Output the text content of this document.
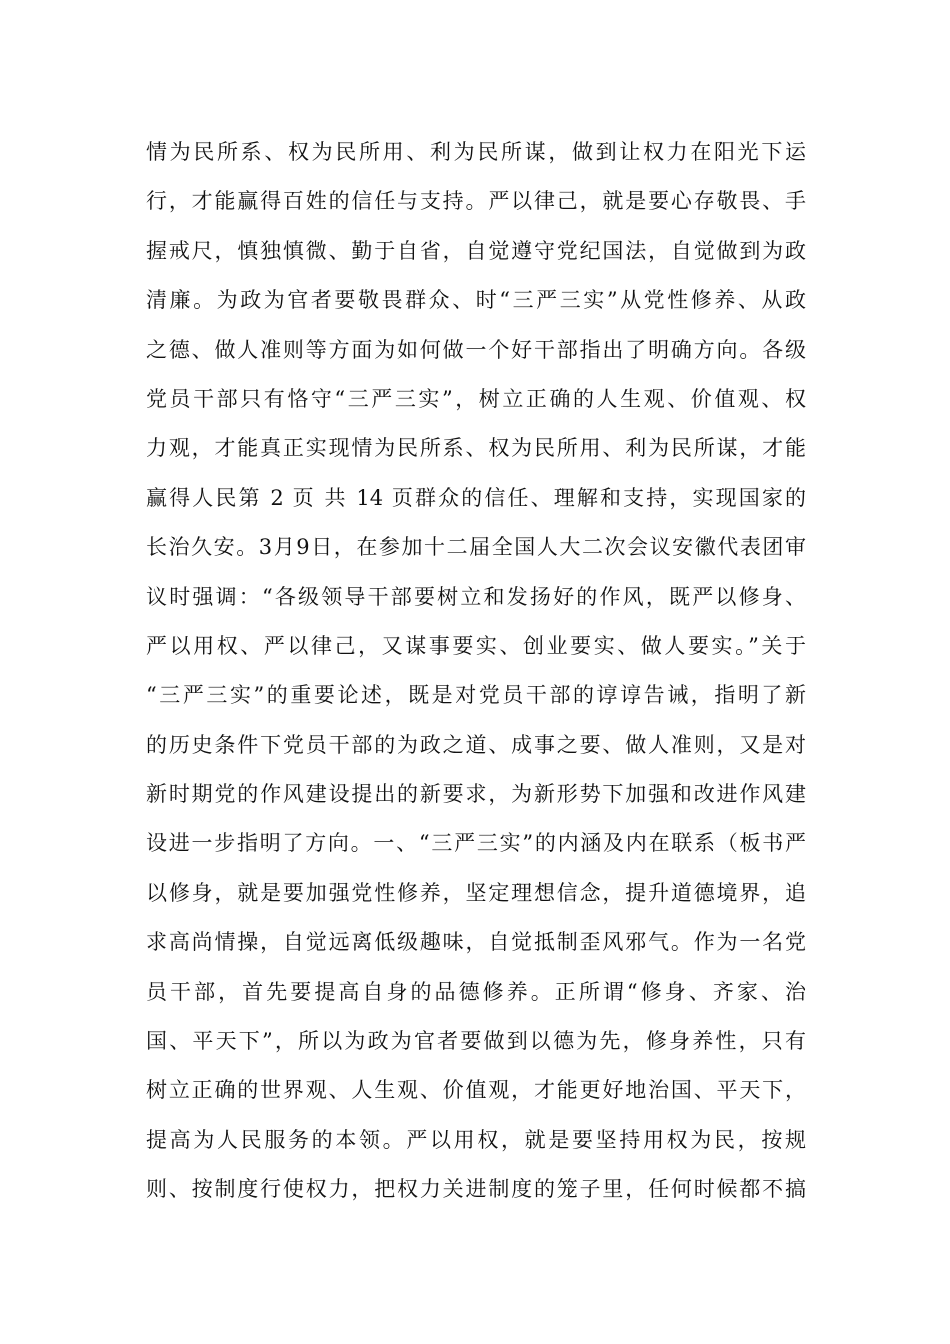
情为民所系、权为民所用、利为民所谋，做到让权力在阳光下运
行，才能赢得百姓的信任与支持。严以律己，就是要心存敬畏、手
握戒尺，慎独慎微、勤于自省，自觉遵守党纪国法，自觉做到为政
清廉。为政为官者要敬畏群众、时“三严三实”从党性修养、从政
之德、做人准则等方面为如何做一个好干部指出了明确方向。各级
党员干部只有恪守“三严三实”，树立正确的人生观、价值观、权
力观，才能真正实现情为民所系、权为民所用、利为民所谋，才能
赢得人民第 2 页 共 14 页群众的信任、理解和支持，实现国家的
长治久安。3月9日，在参加十二届全国人大二次会议安徽代表团审
议时强调：“各级领导干部要树立和发扬好的作风，既严以修身、
严以用权、严以律己，又谋事要实、创业要实、做人要实。”关于
“三严三实”的重要论述，既是对党员干部的谆谆告诫，指明了新
的历史条件下党员干部的为政之道、成事之要、做人准则，又是对
新时期党的作风建设提出的新要求，为新形势下加强和改进作风建
设进一步指明了方向。一、“三严三实”的内涵及内在联系（板书严
以修身，就是要加强党性修养，坚定理想信念，提升道德境界，追
求高尚情操，自觉远离低级趣味，自觉抵制歪风邪气。作为一名党
员干部，首先要提高自身的品德修养。正所谓“修身、齐家、治
国、平天下”，所以为政为官者要做到以德为先，修身养性，只有
树立正确的世界观、人生观、价值观，才能更好地治国、平天下，
提高为人民服务的本领。严以用权，就是要坚持用权为民，按规
则、按制度行使权力，把权力关进制度的笼子里，任何时候都不搞
